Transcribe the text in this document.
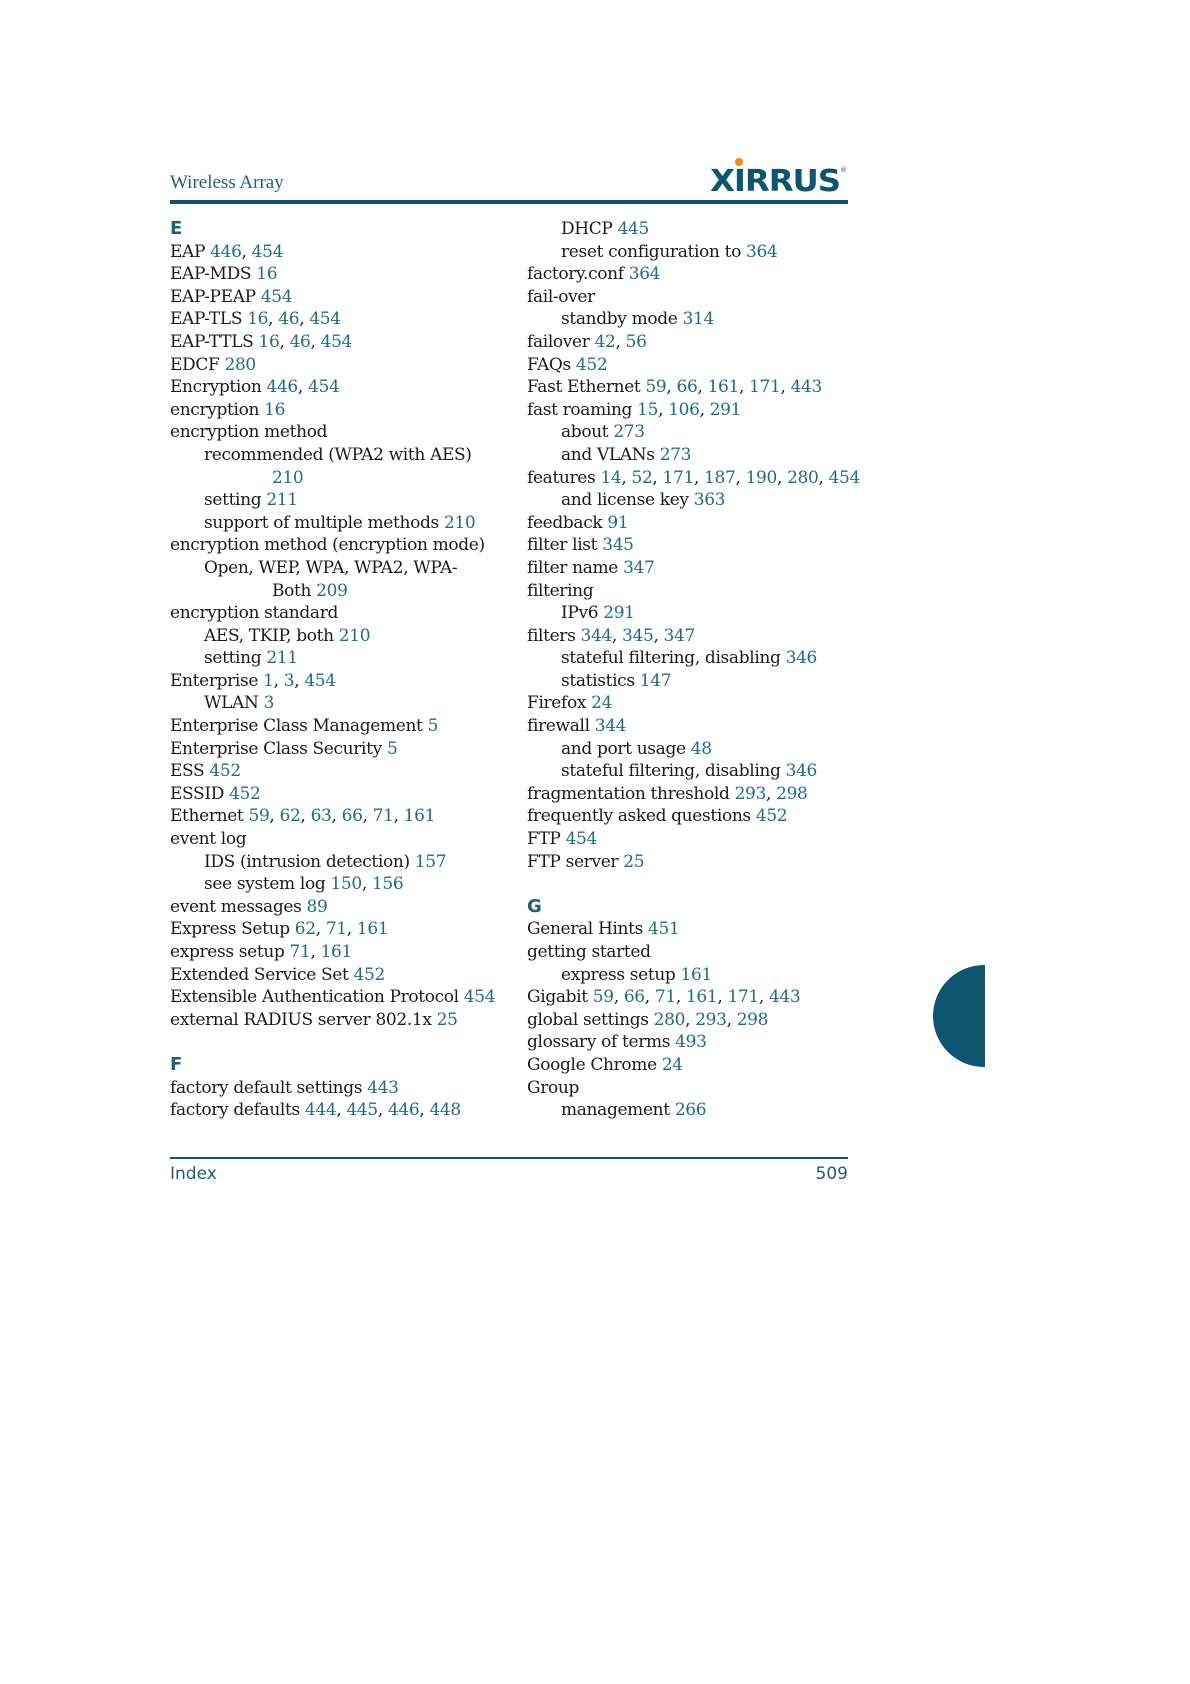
Wireless Array	XIRRUS ®
E
EAP 446, 454
EAP-MDS 16
EAP-PEAP 454
EAP-TLS 16, 46, 454
EAP-TTLS 16, 46, 454
EDCF 280
Encryption 446, 454
encryption 16
encryption method
recommended (WPA2 with AES)
210
setting 211
support of multiple methods 210
encryption method (encryption mode)
Open, WEP, WPA, WPA2, WPA-
Both 209
encryption standard
AES, TKIP, both 210
setting 211
Enterprise 1, 3, 454
WLAN 3
Enterprise Class Management 5
Enterprise Class Security 5
ESS 452
ESSID 452
Ethernet 59, 62, 63, 66, 71, 161
event log
IDS (intrusion detection) 157
see system log 150, 156
event messages 89
Express Setup 62, 71, 161
express setup 71, 161
Extended Service Set 452
Extensible Authentication Protocol 454
external RADIUS server 802.1x 25
F
factory default settings 443
factory defaults 444, 445, 446, 448
DHCP 445
reset configuration to 364
factory.conf 364
fail-over
standby mode 314
failover 42, 56
FAQs 452
Fast Ethernet 59, 66, 161, 171, 443
fast roaming 15, 106, 291
about 273
and VLANs 273
features 14, 52, 171, 187, 190, 280, 454
and license key 363
feedback 91
filter list 345
filter name 347
filtering
IPv6 291
filters 344, 345, 347
stateful filtering, disabling 346
statistics 147
Firefox 24
firewall 344
and port usage 48
stateful filtering, disabling 346
fragmentation threshold 293, 298
frequently asked questions 452
FTP 454
FTP server 25
G
General Hints 451
getting started
express setup 161
Gigabit 59, 66, 71, 161, 171, 443
global settings 280, 293, 298
glossary of terms 493
Google Chrome 24
Group
management 266
Index	509
